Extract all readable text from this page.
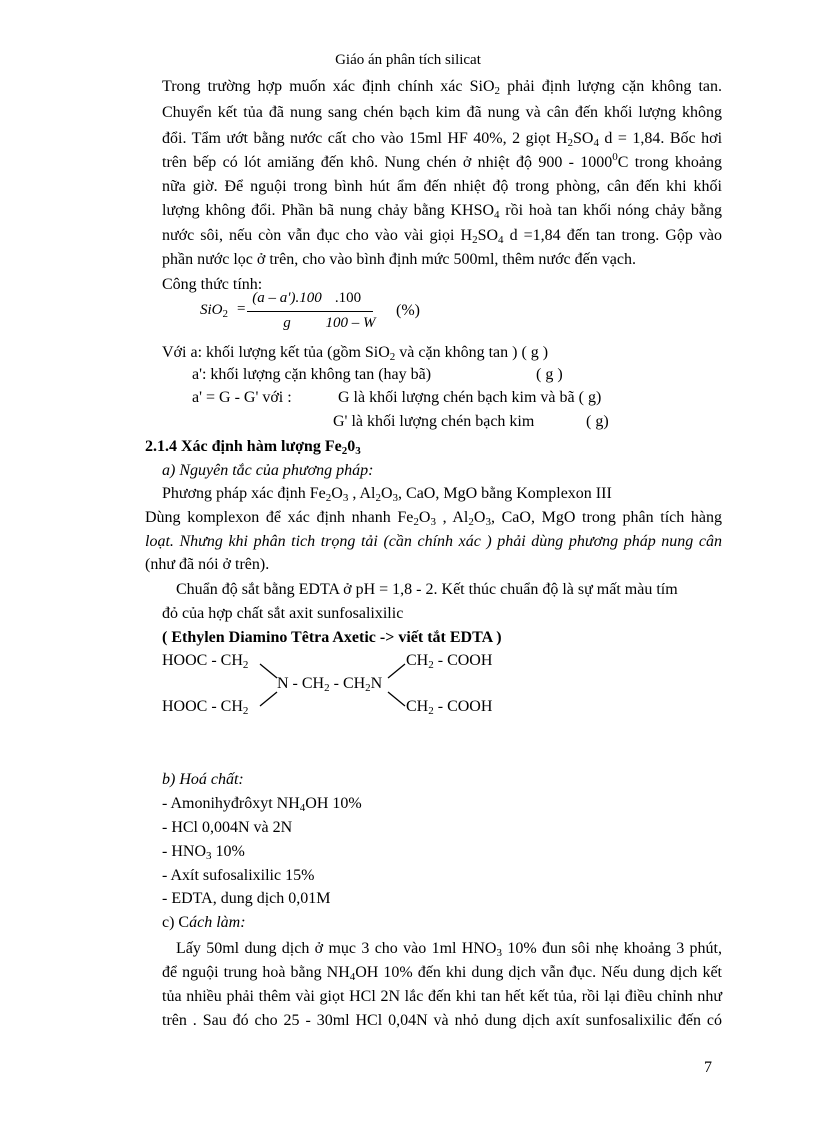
Giáo án phân tích silicat
Trong trường hợp muốn xác định chính xác SiO$_2$ phải định lượng cặn không tan.
Chuyển kết tủa đã nung sang chén bạch kim đã nung và cân đến khối lượng không
đổi. Tẩm ướt bằng nước cất cho vào 15ml HF 40%, 2 giọt $H_2SO_4$ d = 1,84. Bốc hơi
trên bếp có lót amiăng đến khô. Nung chén ở nhiệt độ 900 - 1000$^0$C trong khoảng
nữa giờ. Để nguội trong bình hút ẩm đến nhiệt độ trong phòng, cân đến khi khối
lượng không đổi. Phần bã nung chảy bằng $KHSO_4$ rồi hoà tan khối nóng chảy bằng
nước sôi, nếu còn vẫn đục cho vào vài giọi $H_2SO_4$ d =1,84 đến tan trong. Gộp vào
phần nước lọc ở trên, cho vào bình định mức 500ml, thêm nước đến vạch.
Công thức tính:
SiO$_2$ =
(a – a').100
g
.100
100 – W
(%)
Với a: khối lượng kết tủa (gồm SiO$_2$ và cặn không tan ) ( g )
a': khối lượng cặn không tan (hay bã)	( g )
a' = G - G' với :	G là khối lượng chén bạch kim và bã ( g)
G' là khối lượng chén bạch kim	( g)
2.1.4 Xác định hàm lượng $Fe_20_3$
a) Nguyên tắc của phương pháp:
Phương pháp xác định $Fe_2O_3$ , $Al_2O_3$, CaO, MgO bằng Komplexon III
Dùng komplexon để xác định nhanh $Fe_2O_3$ , $Al_2O_3$, CaO, MgO trong phân tích hàng
loạt. Nhưng khi phân tich trọng tải (cần chính xác ) phải dùng phương pháp nung cân
(như đã nói ở trên).
Chuẩn độ sắt bằng EDTA ở pH = 1,8 - 2. Kết thúc chuẩn độ là sự mất màu tím
đỏ của hợp chất sắt axit sunfosalixilic
( Ethylen Diamino Têtra Axetic -> viết tắt EDTA )
HOOC - $CH_2$	$CH_2$ - COOH
N - $CH_2 - CH_2N$
HOOC - $CH_2$	$CH_2$ - COOH
b) Hoá chất:
- Amonihyđrôxyt $NH_4OH$ 10%
- HCl 0,004N và 2N
- $HNO_3$ 10%
- Axít sufosalixilic 15%
- EDTA, dung dịch 0,01M
c) Cách làm:
Lấy 50ml dung dịch ở mục 3 cho vào 1ml $HNO_3$ 10% đun sôi nhẹ khoảng 3 phút,
để nguội trung hoà bằng $NH_4OH$ 10% đến khi dung dịch vẫn đục. Nếu dung dịch kết
tủa nhiều phải thêm vài giọt HCl 2N lắc đến khi tan hết kết tủa, rồi lại điều chỉnh như
trên . Sau đó cho 25 - 30ml HCl 0,04N và nhỏ dung dịch axít sunfosalixilic đến có
7
